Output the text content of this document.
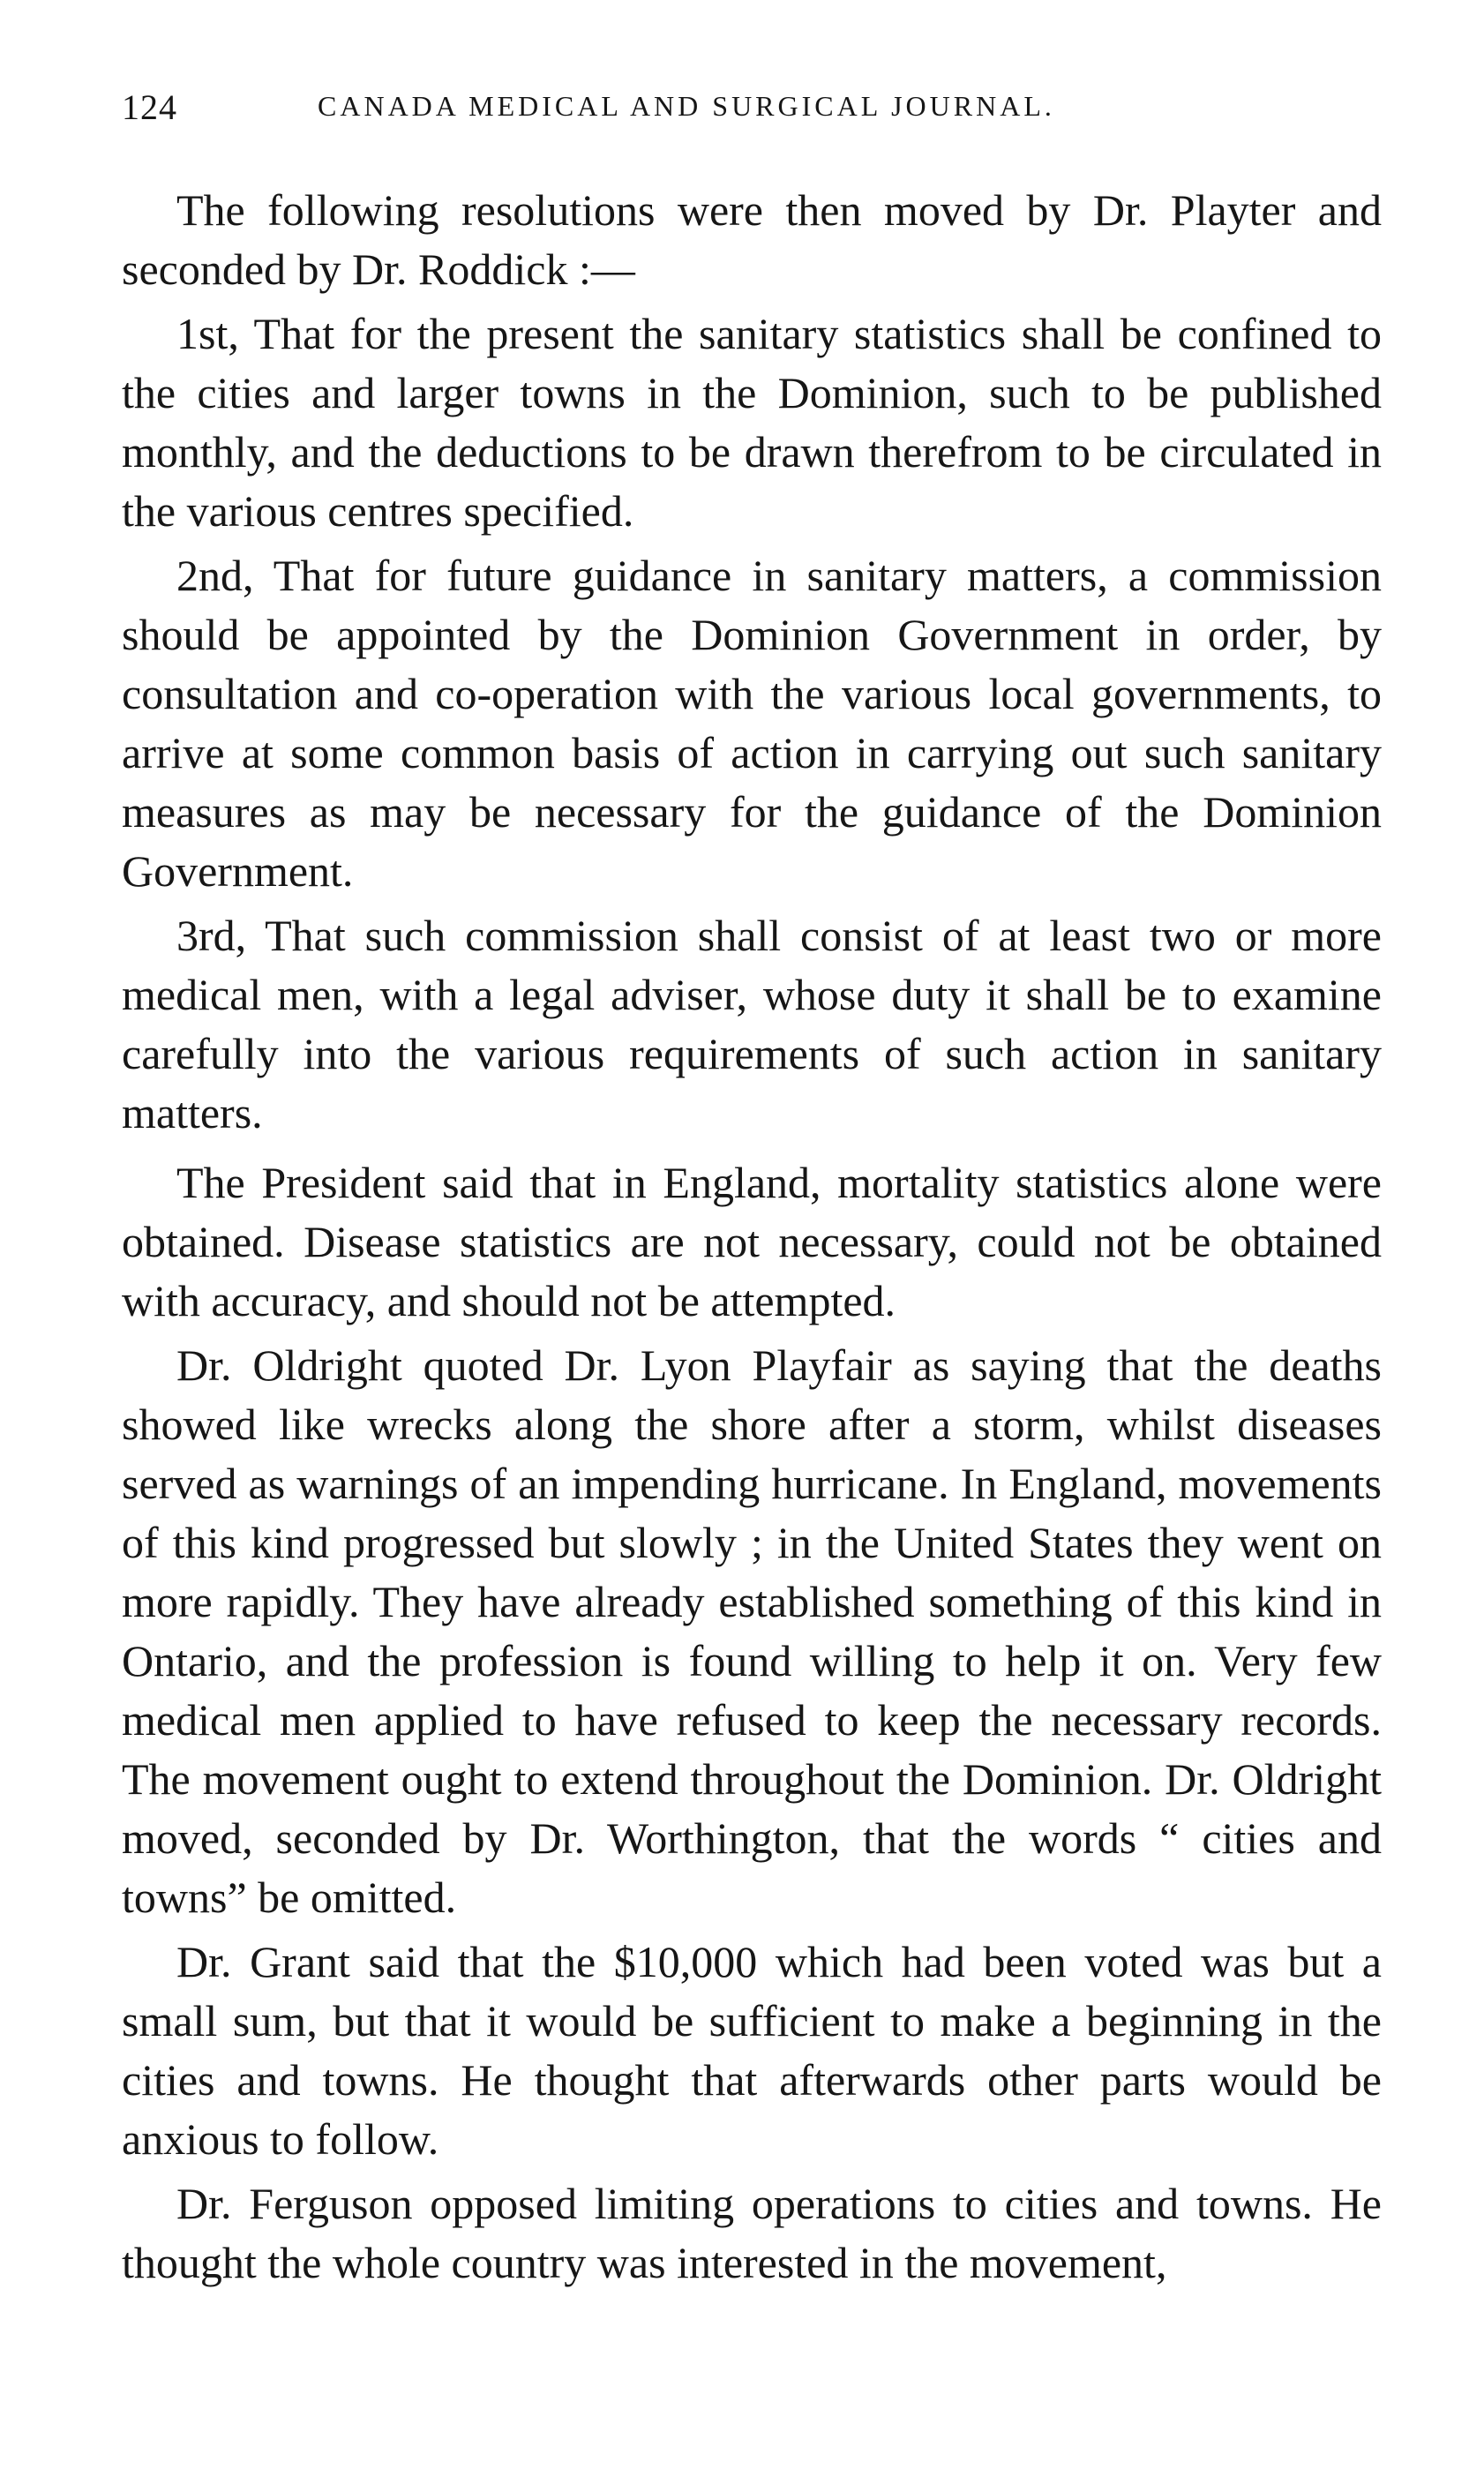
124	CANADA MEDICAL AND SURGICAL JOURNAL.

The following resolutions were then moved by Dr. Playter and seconded by Dr. Roddick :—

1st, That for the present the sanitary statistics shall be confined to the cities and larger towns in the Dominion, such to be published monthly, and the deductions to be drawn therefrom to be circulated in the various centres specified.

2nd, That for future guidance in sanitary matters, a commission should be appointed by the Dominion Government in order, by consultation and co-operation with the various local governments, to arrive at some common basis of action in carrying out such sanitary measures as may be necessary for the guidance of the Dominion Government.

3rd, That such commission shall consist of at least two or more medical men, with a legal adviser, whose duty it shall be to examine carefully into the various requirements of such action in sanitary matters.

The President said that in England, mortality statistics alone were obtained. Disease statistics are not necessary, could not be obtained with accuracy, and should not be attempted.

Dr. Oldright quoted Dr. Lyon Playfair as saying that the deaths showed like wrecks along the shore after a storm, whilst diseases served as warnings of an impending hurricane. In England, movements of this kind progressed but slowly ; in the United States they went on more rapidly. They have already established something of this kind in Ontario, and the profession is found willing to help it on. Very few medical men applied to have refused to keep the necessary records. The movement ought to extend throughout the Dominion. Dr. Oldright moved, seconded by Dr. Worthington, that the words “ cities and towns” be omitted.

Dr. Grant said that the $10,000 which had been voted was but a small sum, but that it would be sufficient to make a beginning in the cities and towns. He thought that afterwards other parts would be anxious to follow.

Dr. Ferguson opposed limiting operations to cities and towns. He thought the whole country was interested in the movement,
